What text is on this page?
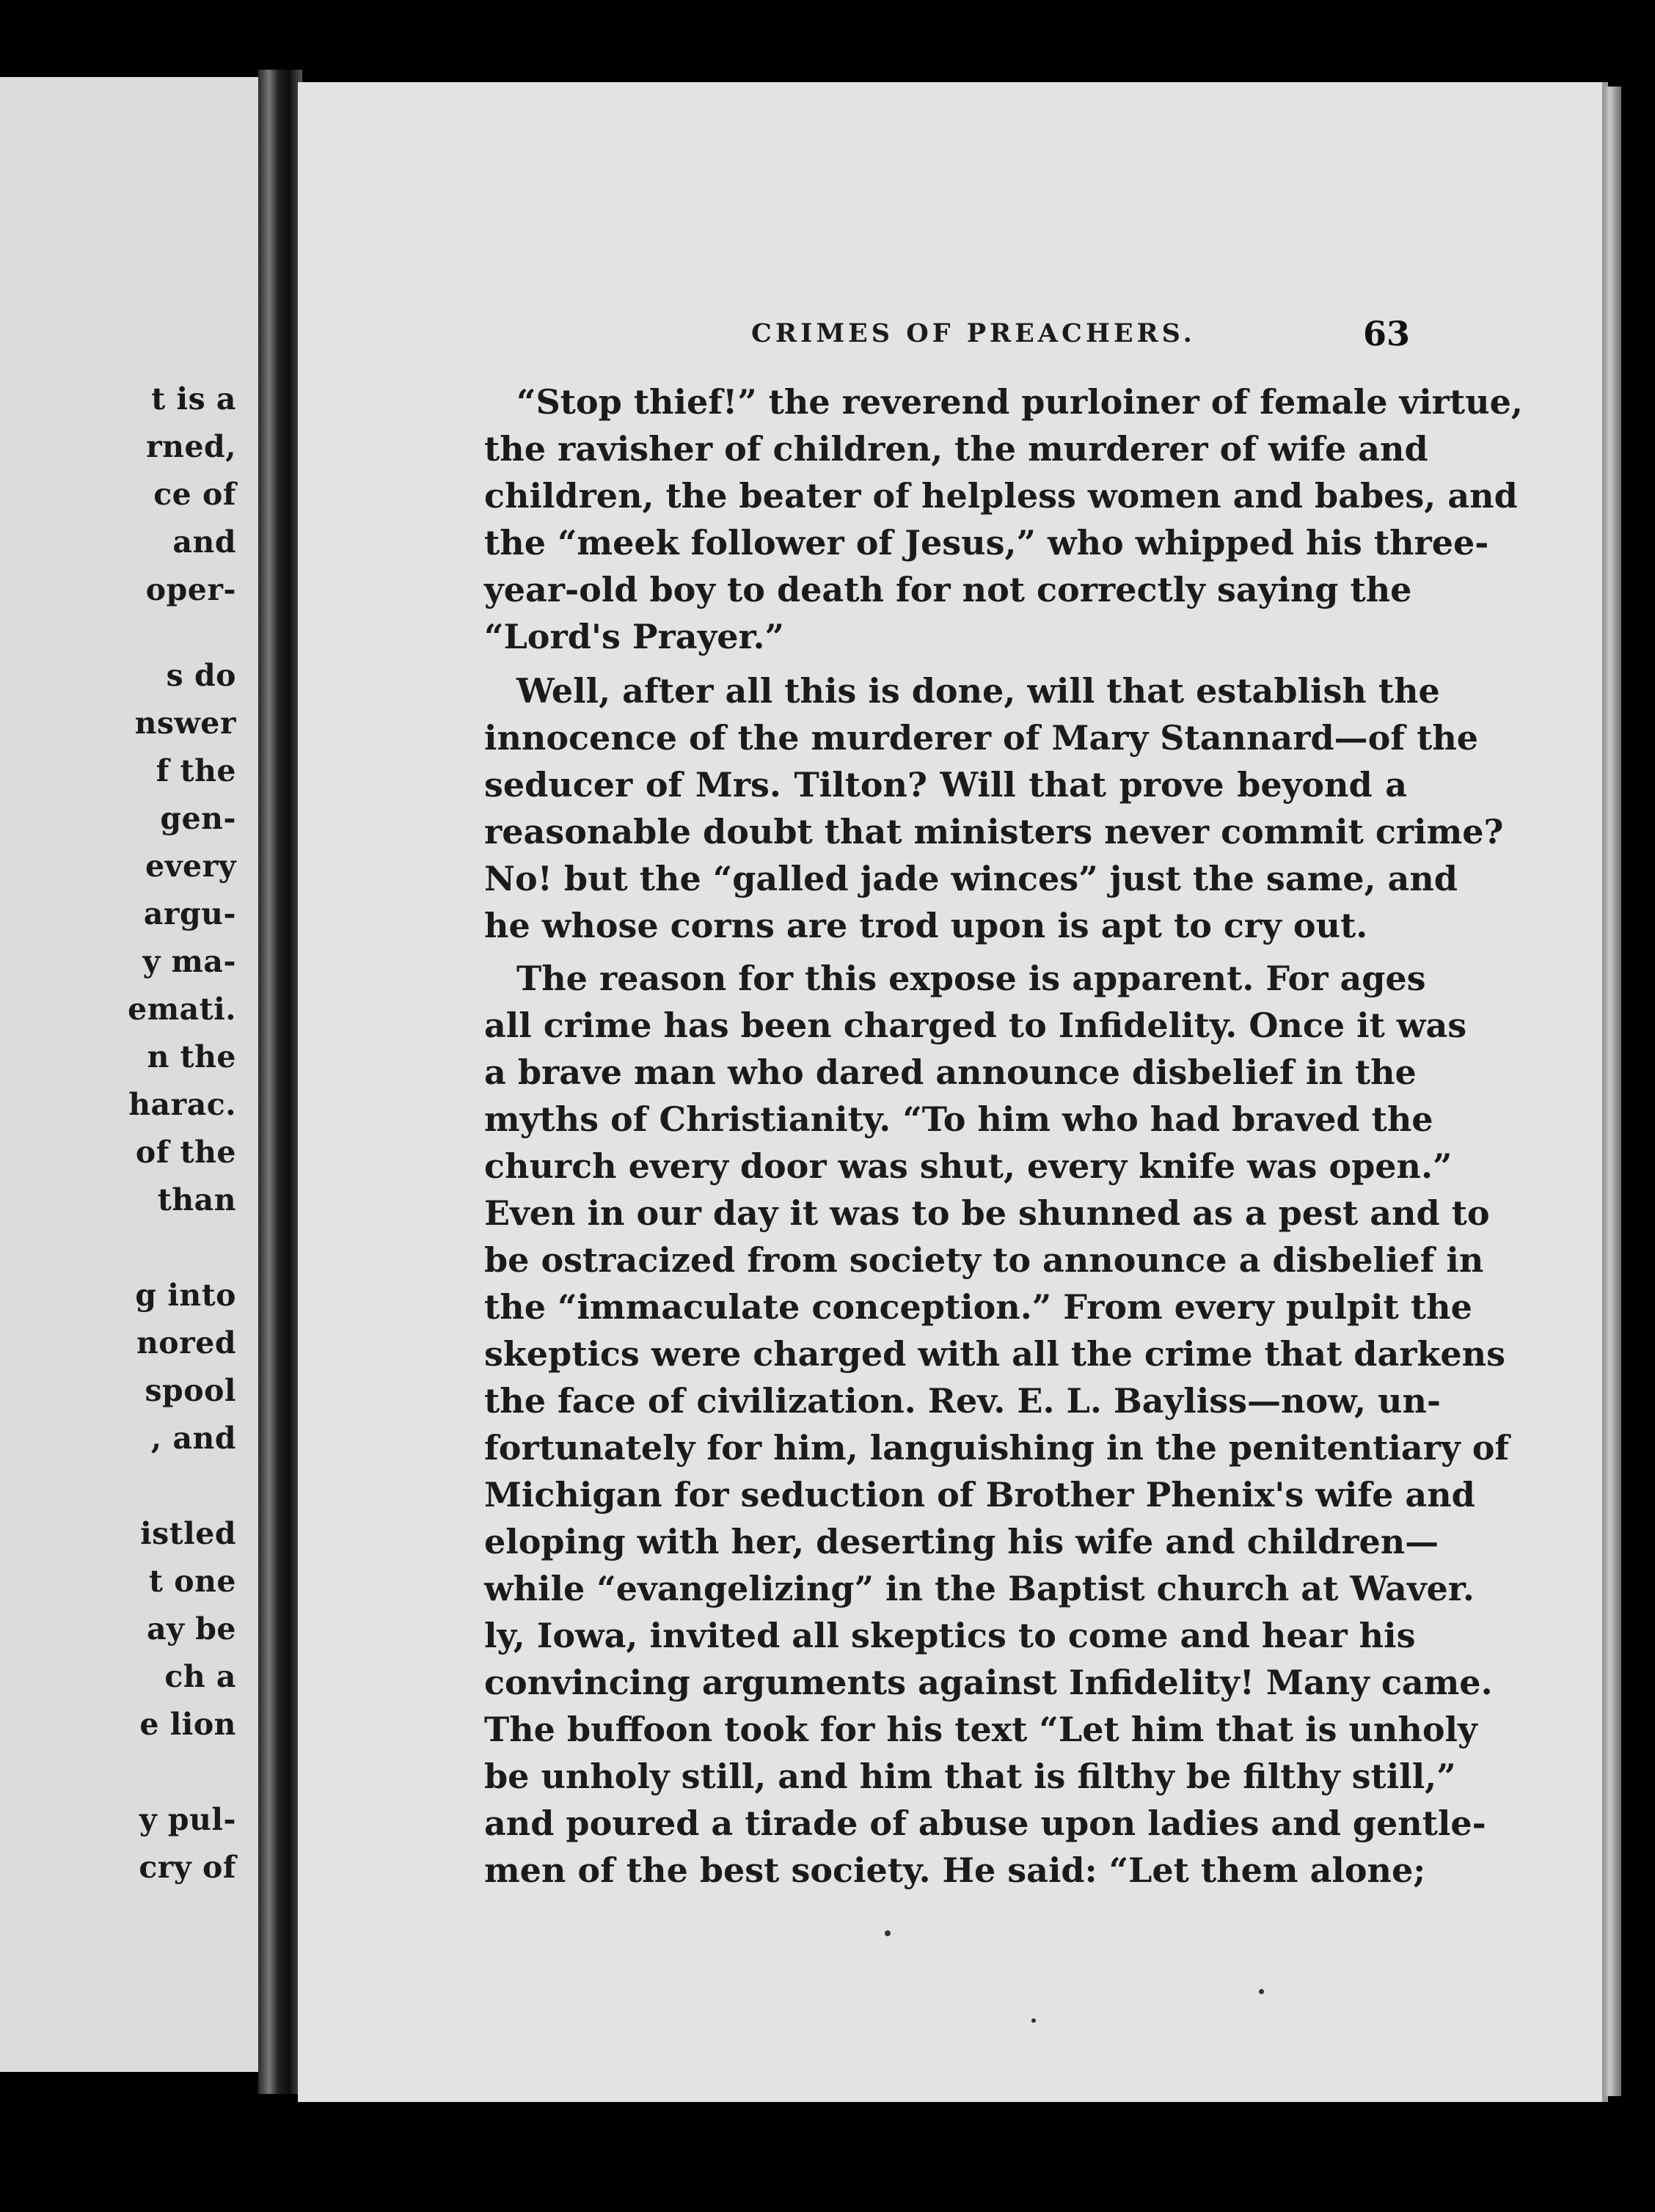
t is a
rned,
ce of
and
oper-
s do
nswer
f the
gen-
every
argu-
y ma-
emati.
n the
harac.
of the
than
g into
nored
spool
, and
istled
t one
ay be
ch a
e lion
y pul-
cry of
CRIMES OF PREACHERS.	63
“Stop thief!” the reverend purloiner of female virtue,
the ravisher of children, the murderer of wife and
children, the beater of helpless women and babes, and
the “meek follower of Jesus,” who whipped his three-
year-old boy to death for not correctly saying the
“Lord's Prayer.”
Well, after all this is done, will that establish the
innocence of the murderer of Mary Stannard—of the
seducer of Mrs. Tilton? Will that prove beyond a
reasonable doubt that ministers never commit crime?
No! but the “galled jade winces” just the same, and
he whose corns are trod upon is apt to cry out.
The reason for this expose is apparent. For ages
all crime has been charged to Infidelity. Once it was
a brave man who dared announce disbelief in the
myths of Christianity. “To him who had braved the
church every door was shut, every knife was open.”
Even in our day it was to be shunned as a pest and to
be ostracized from society to announce a disbelief in
the “immaculate conception.” From every pulpit the
skeptics were charged with all the crime that darkens
the face of civilization. Rev. E. L. Bayliss—now, un-
fortunately for him, languishing in the penitentiary of
Michigan for seduction of Brother Phenix's wife and
eloping with her, deserting his wife and children—
while “evangelizing” in the Baptist church at Waver.
ly, Iowa, invited all skeptics to come and hear his
convincing arguments against Infidelity! Many came.
The buffoon took for his text “Let him that is unholy
be unholy still, and him that is filthy be filthy still,”
and poured a tirade of abuse upon ladies and gentle-
men of the best society. He said: “Let them alone;
